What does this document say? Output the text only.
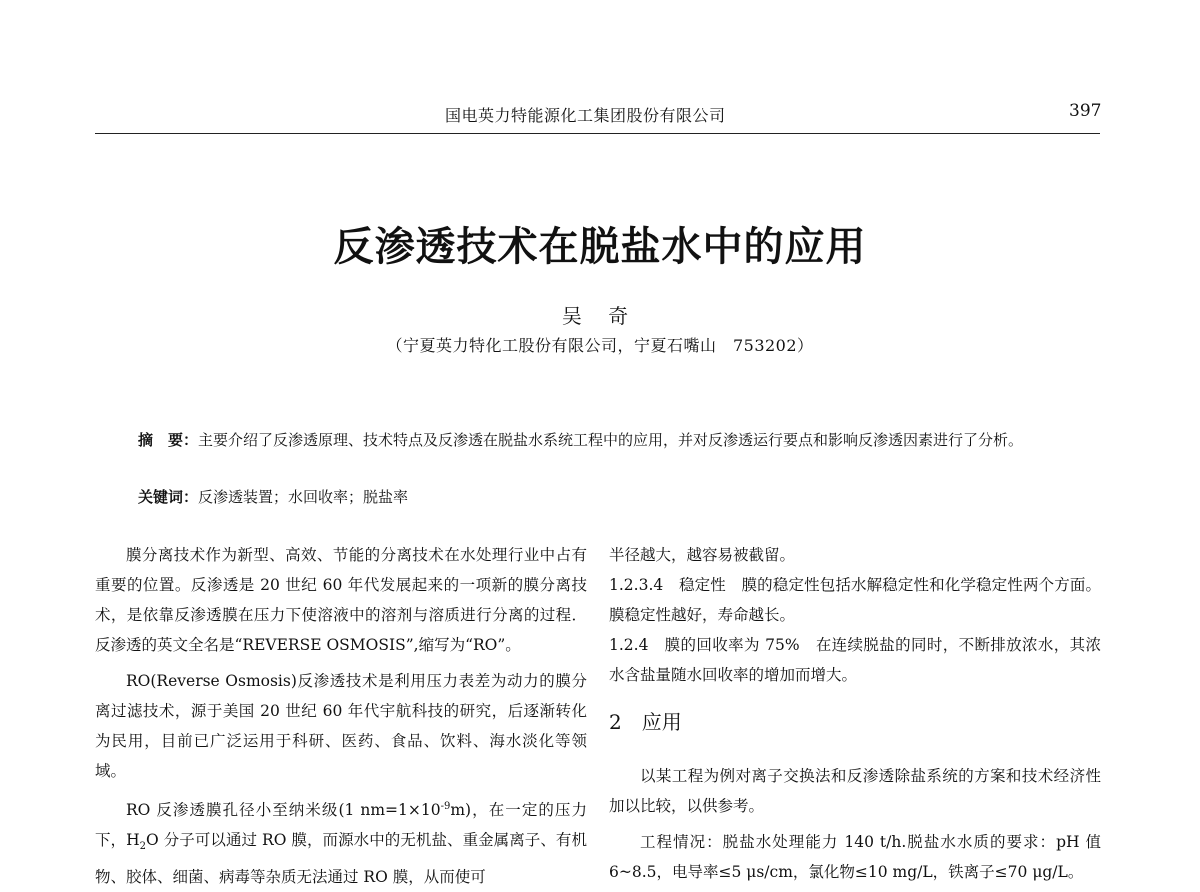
国电英力特能源化工集团股份有限公司	397
反渗透技术在脱盐水中的应用
吴 奇
（宁夏英力特化工股份有限公司，宁夏石嘴山　753202）
摘　要：主要介绍了反渗透原理、技术特点及反渗透在脱盐水系统工程中的应用，并对反渗透运行要点和影响反渗透因素进行了分析。
关键词：反渗透装置；水回收率；脱盐率

膜分离技术作为新型、高效、节能的分离技术在水处理行业中占有重要的位置。反渗透是 20 世纪 60 年代发展起来的一项新的膜分离技术，是依靠反渗透膜在压力下使溶液中的溶剂与溶质进行分离的过程．反渗透的英文全名是“REVERSE OSMOSIS”,缩写为“RO”。

RO(Reverse Osmosis)反渗透技术是利用压力表差为动力的膜分离过滤技术，源于美国 20 世纪 60 年代宇航科技的研究，后逐渐转化为民用，目前已广泛运用于科研、医药、食品、饮料、海水淡化等领域。

RO 反渗透膜孔径小至纳米级(1 $nm=1\times 10^{-9}m$)，在一定的压力下，$H_2O$ 分子可以通过 RO 膜，而源水中的无机盐、重金属离子、有机物、胶体、细菌、病毒等杂质无法通过 RO 膜，从而使可

半径越大，越容易被截留。

1.2.3.4　稳定性　膜的稳定性包括水解稳定性和化学稳定性两个方面。膜稳定性越好，寿命越长。

1.2.4　膜的回收率为 75%　在连续脱盐的同时，不断排放浓水，其浓水含盐量随水回收率的增加而增大。

2 应用

以某工程为例对离子交换法和反渗透除盐系统的方案和技术经济性加以比较，以供参考。

工程情况：脱盐水处理能力 140 t/h.脱盐水水质的要求：pH 值 6~8.5，电导率≤5 μs/cm，氯化物≤10 mg/L，铁离子≤70 μg/L。
